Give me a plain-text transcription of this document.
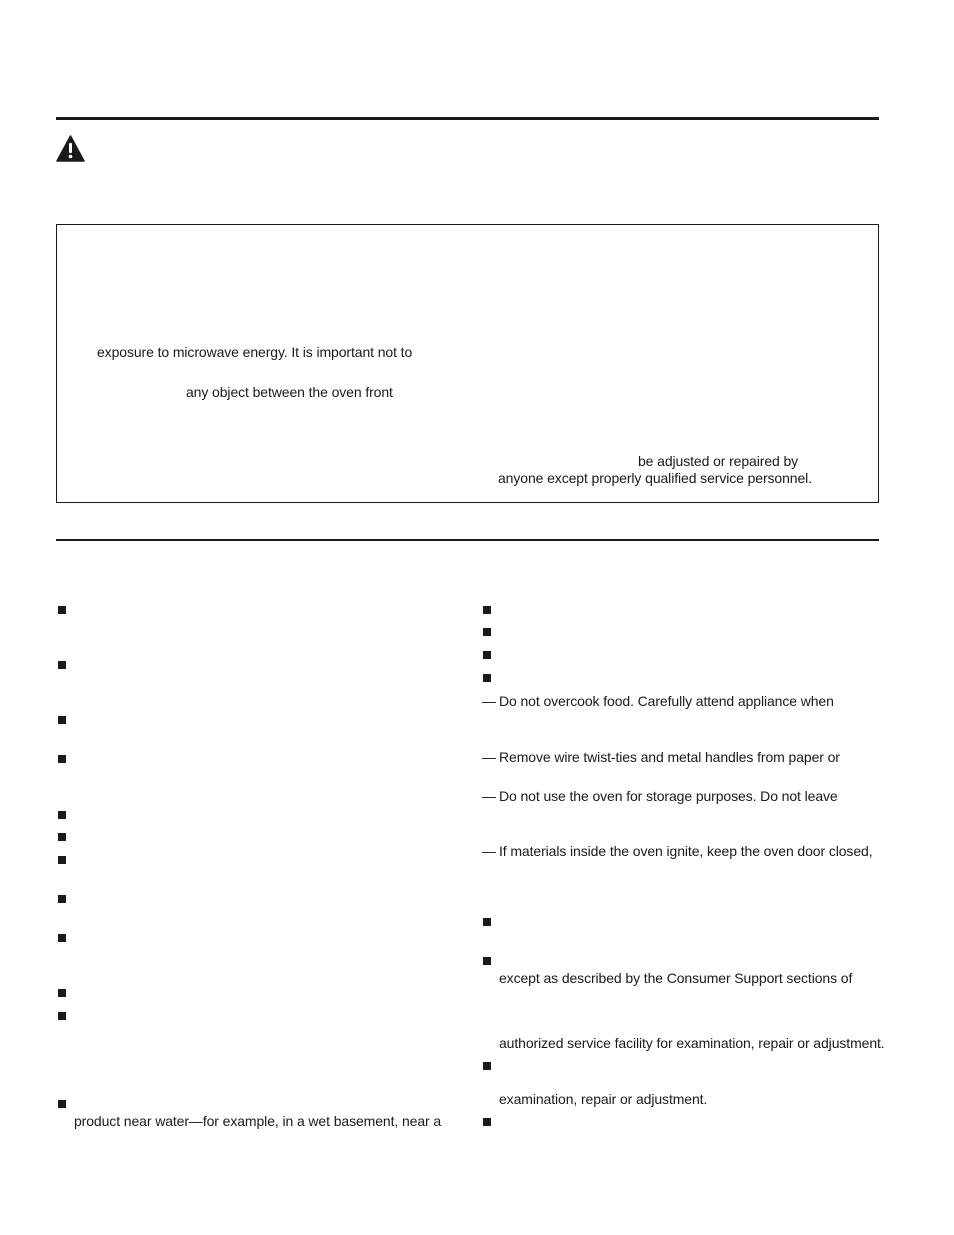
exposure to microwave energy. It is important not to
any object between the oven front
be adjusted or repaired by
anyone except properly qualified service personnel.
product near water—for example, in a wet basement, near a
— Do not overcook food. Carefully attend appliance when
— Remove wire twist-ties and metal handles from paper or
— Do not use the oven for storage purposes. Do not leave
— If materials inside the oven ignite, keep the oven door closed,
except as described by the Consumer Support sections of
authorized service facility for examination, repair or adjustment.
examination, repair or adjustment.
